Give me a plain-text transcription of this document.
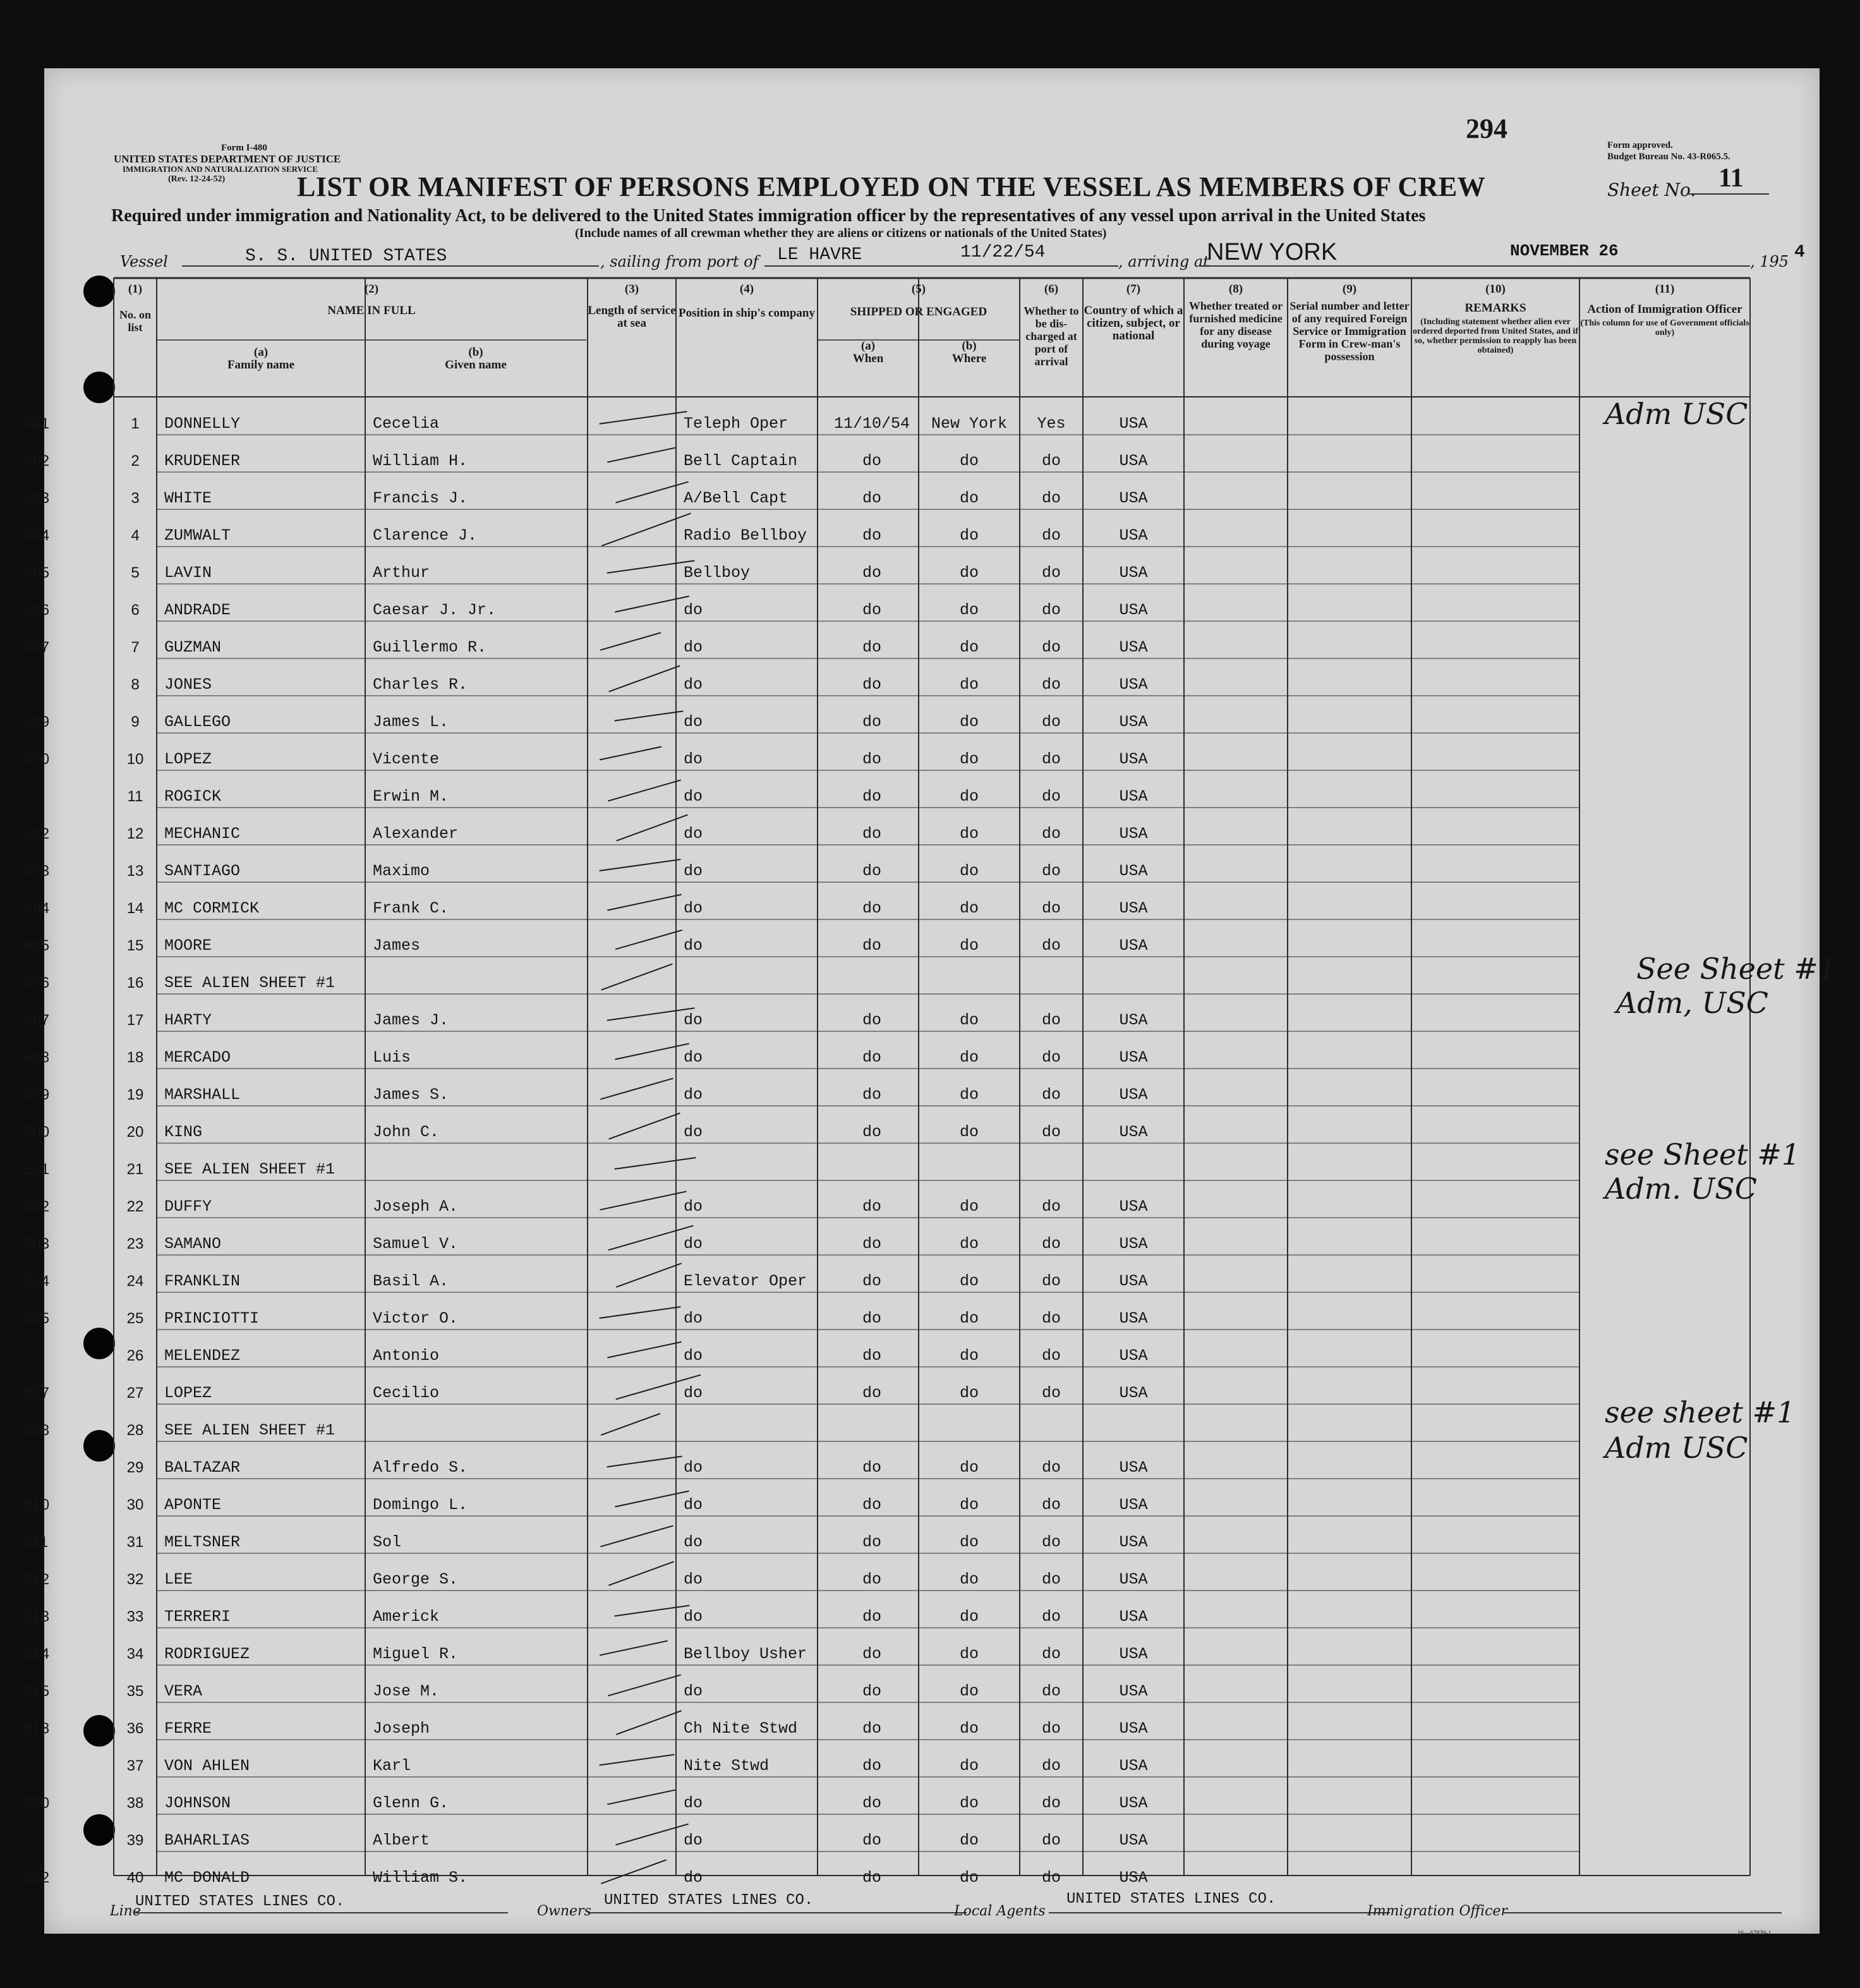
294
Form I-480
UNITED STATES DEPARTMENT OF JUSTICE
IMMIGRATION AND NATURALIZATION SERVICE
(Rev. 12-24-52)
Form approved.
Budget Bureau No. 43-R065.5.
LIST OR MANIFEST OF PERSONS EMPLOYED ON THE VESSEL AS MEMBERS OF CREW	Sheet No. 11
Required under immigration and Nationality Act, to be delivered to the United States immigration officer by the representatives of any vessel upon arrival in the United States
(Include names of all crewman whether they are aliens or citizens or nationals of the United States)
Vessel	S. S. UNITED STATES	, sailing from port of LE HAVRE	11/22/54	, arriving at
NEW YORK	NOVEMBER 26
, 195 4
(1)
No. on list
(2)
NAME IN FULL
(a)
Family name
(b)
Given name
(3)
Length of service at sea
(4)
Position in ship's company
(5)
SHIPPED OR ENGAGED
(a)
When
(b)
Where
(6)
Whether to be dis-charged at port of arrival
(7)
Country of which a citizen, subject, or national
(8)
Whether treated or furnished medicine for any disease during voyage
(9)
Serial number and letter of any required Foreign Service or Immigration Form in Crew-man's possession
(10)
REMARKS
(Including statement whether alien ever ordered deported from United States, and if so, whether permission to reapply has been obtained)
(11)
Action of Immigration Officer
(This column for use of Government officials only)
481	1	DONNELLY	Cecelia	Teleph Oper	11/10/54	New York	Yes	USA
482	2	KRUDENER	William H.	Bell Captain	do	do	do	USA
483	3	WHITE	Francis J.	A/Bell Capt	do	do	do	USA
484	4	ZUMWALT	Clarence J.	Radio Bellboy	do	do	do	USA
485	5	LAVIN	Arthur	Bellboy	do	do	do	USA
486	6	ANDRADE	Caesar J. Jr.	do	do	do	do	USA
487	7	GUZMAN	Guillermo R.	do	do	do	do	USA
8	JONES	Charles R.	do	do	do	do	USA
489	9	GALLEGO	James L.	do	do	do	do	USA
490	10	LOPEZ	Vicente	do	do	do	do	USA
11	ROGICK	Erwin M.	do	do	do	do	USA
492	12	MECHANIC	Alexander	do	do	do	do	USA
493	13	SANTIAGO	Maximo	do	do	do	do	USA
494	14	MC CORMICK	Frank C.	do	do	do	do	USA
495	15	MOORE	James	do	do	do	do	USA
496	16	SEE ALIEN SHEET #1
497	17	HARTY	James J.	do	do	do	do	USA
498	18	MERCADO	Luis	do	do	do	do	USA
499	19	MARSHALL	James S.	do	do	do	do	USA
500	20	KING	John C.	do	do	do	do	USA
501	21	SEE ALIEN SHEET #1
502	22	DUFFY	Joseph A.	do	do	do	do	USA
503	23	SAMANO	Samuel V.	do	do	do	do	USA
504	24	FRANKLIN	Basil A.	Elevator Oper	do	do	do	USA
505	25	PRINCIOTTI	Victor O.	do	do	do	do	USA
26	MELENDEZ	Antonio	do	do	do	do	USA
507	27	LOPEZ	Cecilio	do	do	do	do	USA
508	28	SEE ALIEN SHEET #1
29	BALTAZAR	Alfredo S.	do	do	do	do	USA
510	30	APONTE	Domingo L.	do	do	do	do	USA
511	31	MELTSNER	Sol	do	do	do	do	USA
512	32	LEE	George S.	do	do	do	do	USA
513	33	TERRERI	Americk	do	do	do	do	USA
514	34	RODRIGUEZ	Miguel R.	Bellboy Usher	do	do	do	USA
515	35	VERA	Jose M.	do	do	do	do	USA
518	36	FERRE	Joseph	Ch Nite Stwd	do	do	do	USA
37	VON AHLEN	Karl	Nite Stwd	do	do	do	USA
520	38	JOHNSON	Glenn G.	do	do	do	do	USA
39	BAHARLIAS	Albert	do	do	do	do	USA
522	40	MC DONALD	William S.	do	do	do	do	USA
Adm USC
See Sheet #1
Adm, USC
see Sheet #1
Adm. USC
see sheet #1
Adm USC
Line
UNITED STATES LINES CO.
Owners
UNITED STATES LINES CO.
Local Agents
UNITED STATES LINES CO.
Immigration Officer
16—67839-1
